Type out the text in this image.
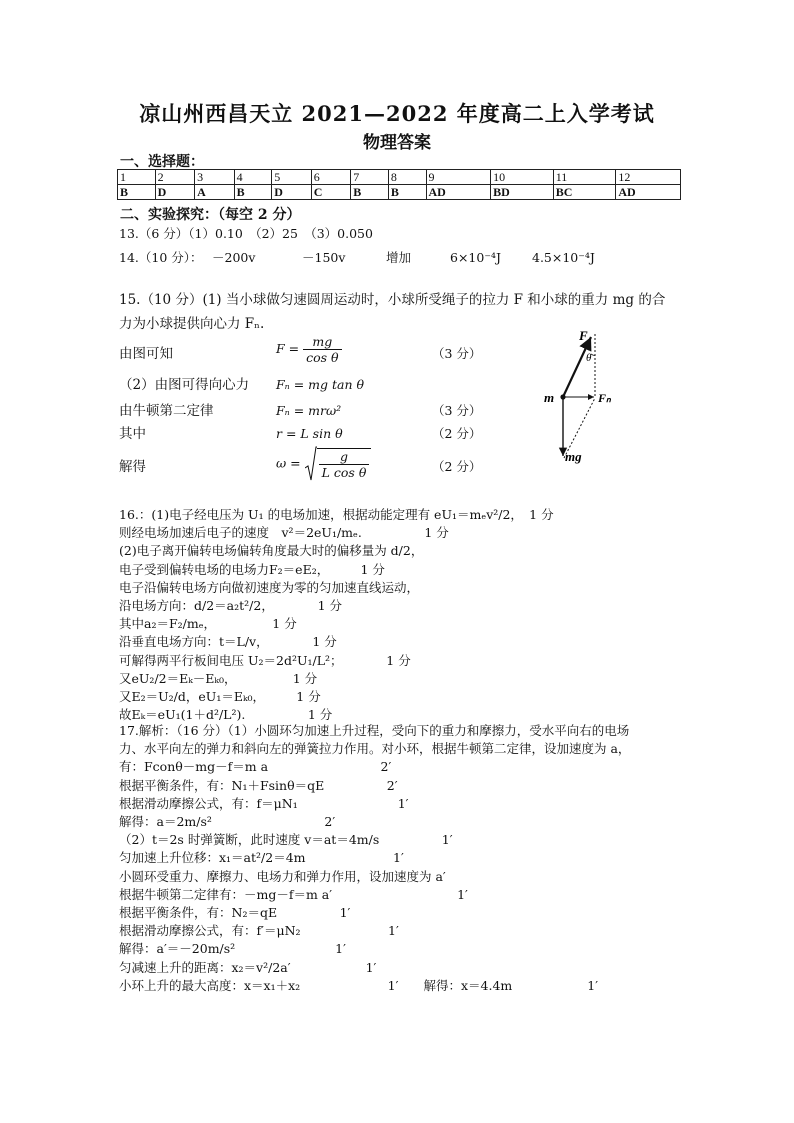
凉山州西昌天立 2021—2022 年度高二上入学考试
物理答案
一、选择题：
1	2	3	4	5	6	7	8	9	10	11	12
B	D	A	B	D	C	B	B	AD	BD	BC	AD
二、实验探究：（每空 2 分）
13.（6 分）（1）0.10　（2）25　（3）0.050
14.（10 分）： －200v	－150v	增加	6×10⁻⁴J 4.5×10⁻⁴J
15.（10 分）(1) 当小球做匀速圆周运动时，小球所受绳子的拉力 F 和小球的重力 mg 的合
力为小球提供向心力 Fₙ.
由图可知	$F = \frac{mg}{\text{cos θ}}$	（3 分）
（2）由图可得向心力 Fₙ = mg tan θ
由牛顿第二定律	Fₙ = mrω²	（3 分）
其中	r = L sin θ	（2 分）
解得	$\omega = \frac{g}{\text{L cos θ}}$	（2 分）
F
θ
m	Fₙ
mg
16.：(1)电子经电压为 U₁ 的电场加速，根据动能定理有 eU₁＝mₑv²/2，　1 分
则经电场加速后电子的速度　v²＝2eU₁/mₑ.　　　　　1 分
(2)电子离开偏转电场偏转角度最大时的偏移量为 d/2，
电子受到偏转电场的电场力F₂＝eE₂，　　　1 分
电子沿偏转电场方向做初速度为零的匀加速直线运动，
沿电场方向：d/2＝a₂t²/2，　　　　1 分
其中a₂＝F₂/mₑ，　　　　　1 分
沿垂直电场方向：t＝L/v，　　　　1 分
可解得两平行板间电压 U₂＝2d²U₁/L²；　　　　1 分
又eU₂/2＝Eₖ－Eₖ₀，　　　　　1 分
又E₂＝U₂/d，eU₁＝Eₖ₀，　　　1 分
故Eₖ＝eU₁(1＋d²/L²).　　　　　1 分
17.解析：（16 分）（1）小圆环匀加速上升过程，受向下的重力和摩擦力，受水平向右的电场
力、水平向左的弹力和斜向左的弹簧拉力作用。对小环，根据牛顿第二定律，设加速度为 a，
有：Fconθ－mg－f＝m a　　　　　　　　　2′
根据平衡条件，有：N₁＋Fsinθ＝qE　　　　　2′
根据滑动摩擦公式，有：f＝μN₁　　　　　　　　1′
解得：a＝2m/s²　　　　　　　　　2′
（2）t＝2s 时弹簧断，此时速度 v＝at＝4m/s　　　　　1′
匀加速上升位移：x₁＝at²/2＝4m　　　　　　　1′
小圆环受重力、摩擦力、电场力和弹力作用，设加速度为 a′
根据牛顿第二定律有：－mg－f＝m a′　　　　　　　　　　1′
根据平衡条件，有：N₂＝qE　　　　　1′
根据滑动摩擦公式，有：f′＝μN₂　　　　　　　1′
解得：a′＝－20m/s²　　　　　　　　1′
匀减速上升的距离：x₂＝v²/2a′　　　　　　1′
小环上升的最大高度：x＝x₁＋x₂　　　　　　　1′　　解得：x＝4.4m　　　　　　1′
